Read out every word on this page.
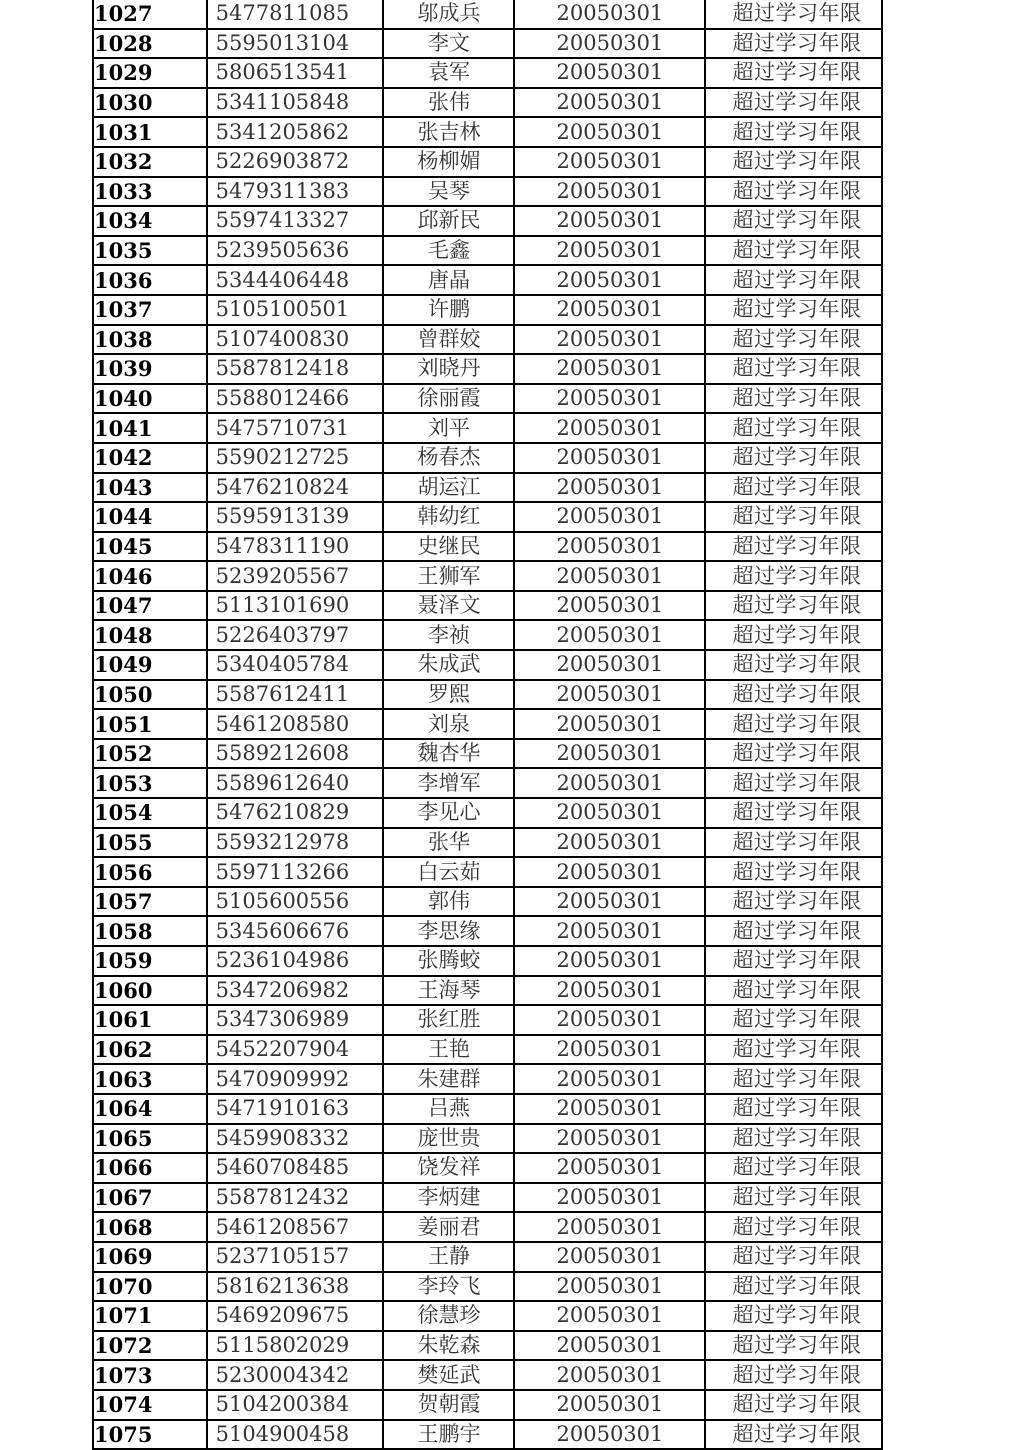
1027	5477811085	邬成兵	20050301	超过学习年限
1028	5595013104	李文	20050301	超过学习年限
1029	5806513541	袁军	20050301	超过学习年限
1030	5341105848	张伟	20050301	超过学习年限
1031	5341205862	张吉林	20050301	超过学习年限
1032	5226903872	杨柳媚	20050301	超过学习年限
1033	5479311383	吴琴	20050301	超过学习年限
1034	5597413327	邱新民	20050301	超过学习年限
1035	5239505636	毛鑫	20050301	超过学习年限
1036	5344406448	唐晶	20050301	超过学习年限
1037	5105100501	许鹏	20050301	超过学习年限
1038	5107400830	曾群姣	20050301	超过学习年限
1039	5587812418	刘晓丹	20050301	超过学习年限
1040	5588012466	徐丽霞	20050301	超过学习年限
1041	5475710731	刘平	20050301	超过学习年限
1042	5590212725	杨春杰	20050301	超过学习年限
1043	5476210824	胡运江	20050301	超过学习年限
1044	5595913139	韩幼红	20050301	超过学习年限
1045	5478311190	史继民	20050301	超过学习年限
1046	5239205567	王狮军	20050301	超过学习年限
1047	5113101690	聂泽文	20050301	超过学习年限
1048	5226403797	李祯	20050301	超过学习年限
1049	5340405784	朱成武	20050301	超过学习年限
1050	5587612411	罗熙	20050301	超过学习年限
1051	5461208580	刘泉	20050301	超过学习年限
1052	5589212608	魏杏华	20050301	超过学习年限
1053	5589612640	李增军	20050301	超过学习年限
1054	5476210829	李见心	20050301	超过学习年限
1055	5593212978	张华	20050301	超过学习年限
1056	5597113266	白云茹	20050301	超过学习年限
1057	5105600556	郭伟	20050301	超过学习年限
1058	5345606676	李思缘	20050301	超过学习年限
1059	5236104986	张腾蛟	20050301	超过学习年限
1060	5347206982	王海琴	20050301	超过学习年限
1061	5347306989	张红胜	20050301	超过学习年限
1062	5452207904	王艳	20050301	超过学习年限
1063	5470909992	朱建群	20050301	超过学习年限
1064	5471910163	吕燕	20050301	超过学习年限
1065	5459908332	庞世贵	20050301	超过学习年限
1066	5460708485	饶发祥	20050301	超过学习年限
1067	5587812432	李炳建	20050301	超过学习年限
1068	5461208567	姜丽君	20050301	超过学习年限
1069	5237105157	王静	20050301	超过学习年限
1070	5816213638	李玲飞	20050301	超过学习年限
1071	5469209675	徐慧珍	20050301	超过学习年限
1072	5115802029	朱乾森	20050301	超过学习年限
1073	5230004342	樊延武	20050301	超过学习年限
1074	5104200384	贺朝霞	20050301	超过学习年限
1075	5104900458	王鹏宇	20050301	超过学习年限
